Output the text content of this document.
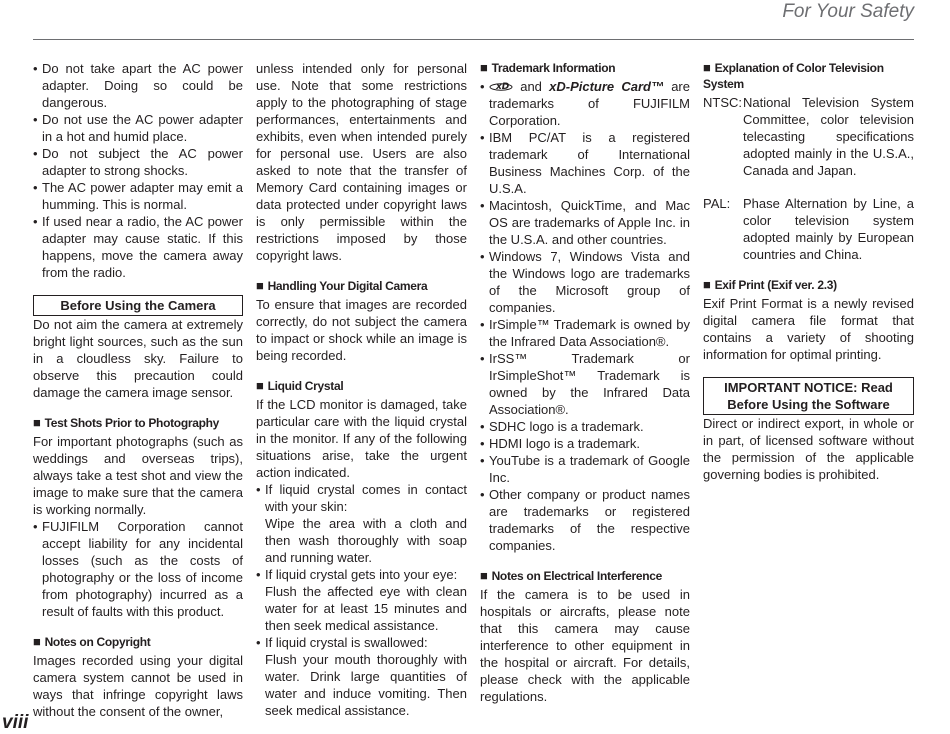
For Your Safety
• Do not take apart the AC power adapter. Doing so could be dangerous.
• Do not use the AC power adapter in a hot and humid place.
• Do not subject the AC power adapter to strong shocks.
• The AC power adapter may emit a humming. This is normal.
• If used near a radio, the AC power adapter may cause static. If this happens, move the camera away from the radio.
Before Using the Camera

Do not aim the camera at extremely bright light sources, such as the sun in a cloudless sky. Failure to observe this precaution could damage the camera image sensor.

■ Test Shots Prior to Photography

For important photographs (such as weddings and overseas trips), always take a test shot and view the image to make sure that the camera is working normally.

• FUJIFILM Corporation cannot accept liability for any incidental losses (such as the costs of photography or the loss of income from photography) incurred as a result of faults with this product.
■ Notes on Copyright

Images recorded using your digital camera system cannot be used in ways that infringe copyright laws without the consent of the owner,

unless intended only for personal use. Note that some restrictions apply to the photographing of stage performances, entertainments and exhibits, even when intended purely for personal use. Users are also asked to note that the transfer of Memory Card containing images or data protected under copyright laws is only permissible within the restrictions imposed by those copyright laws.

■ Handling Your Digital Camera

To ensure that images are recorded correctly, do not subject the camera to impact or shock while an image is being recorded.

■ Liquid Crystal

If the LCD monitor is damaged, take particular care with the liquid crystal in the monitor. If any of the following situations arise, take the urgent action indicated.

• If liquid crystal comes in contact with your skin:
Wipe the area with a cloth and then wash thoroughly with soap and running water.
• If liquid crystal gets into your eye:
Flush the affected eye with clean water for at least 15 minutes and then seek medical assistance.
• If liquid crystal is swallowed:
Flush your mouth thoroughly with water. Drink large quantities of water and induce vomiting. Then seek medical assistance.
■ Trademark Information
• xD and xD-Picture Card™ are trademarks of FUJIFILM Corporation.
• IBM PC/AT is a registered trademark of International Business Machines Corp. of the U.S.A.
• Macintosh, QuickTime, and Mac OS are trademarks of Apple Inc. in the U.S.A. and other countries.
• Windows 7, Windows Vista and the Windows logo are trademarks of the Microsoft group of companies.
• IrSimple™ Trademark is owned by the Infrared Data Association®.
• IrSS™ Trademark or IrSimpleShot™ Trademark is owned by the Infrared Data Association®.
• SDHC logo is a trademark.
• HDMI logo is a trademark.
• YouTube is a trademark of Google Inc.
• Other company or product names are trademarks or registered trademarks of the respective companies.
■ Notes on Electrical Interference

If the camera is to be used in hospitals or aircrafts, please note that this camera may cause interference to other equipment in the hospital or aircraft. For details, please check with the applicable regulations.

■ Explanation of Color Television System
NTSC: National Television System Committee, color television telecasting specifications adopted mainly in the U.S.A., Canada and Japan.
PAL: Phase Alternation by Line, a color television system adopted mainly by European countries and China.
■ Exif Print (Exif ver. 2.3)

Exif Print Format is a newly revised digital camera file format that contains a variety of shooting information for optimal printing.

IMPORTANT NOTICE: Read Before Using the Software

Direct or indirect export, in whole or in part, of licensed software without the permission of the applicable governing bodies is prohibited.

viii
